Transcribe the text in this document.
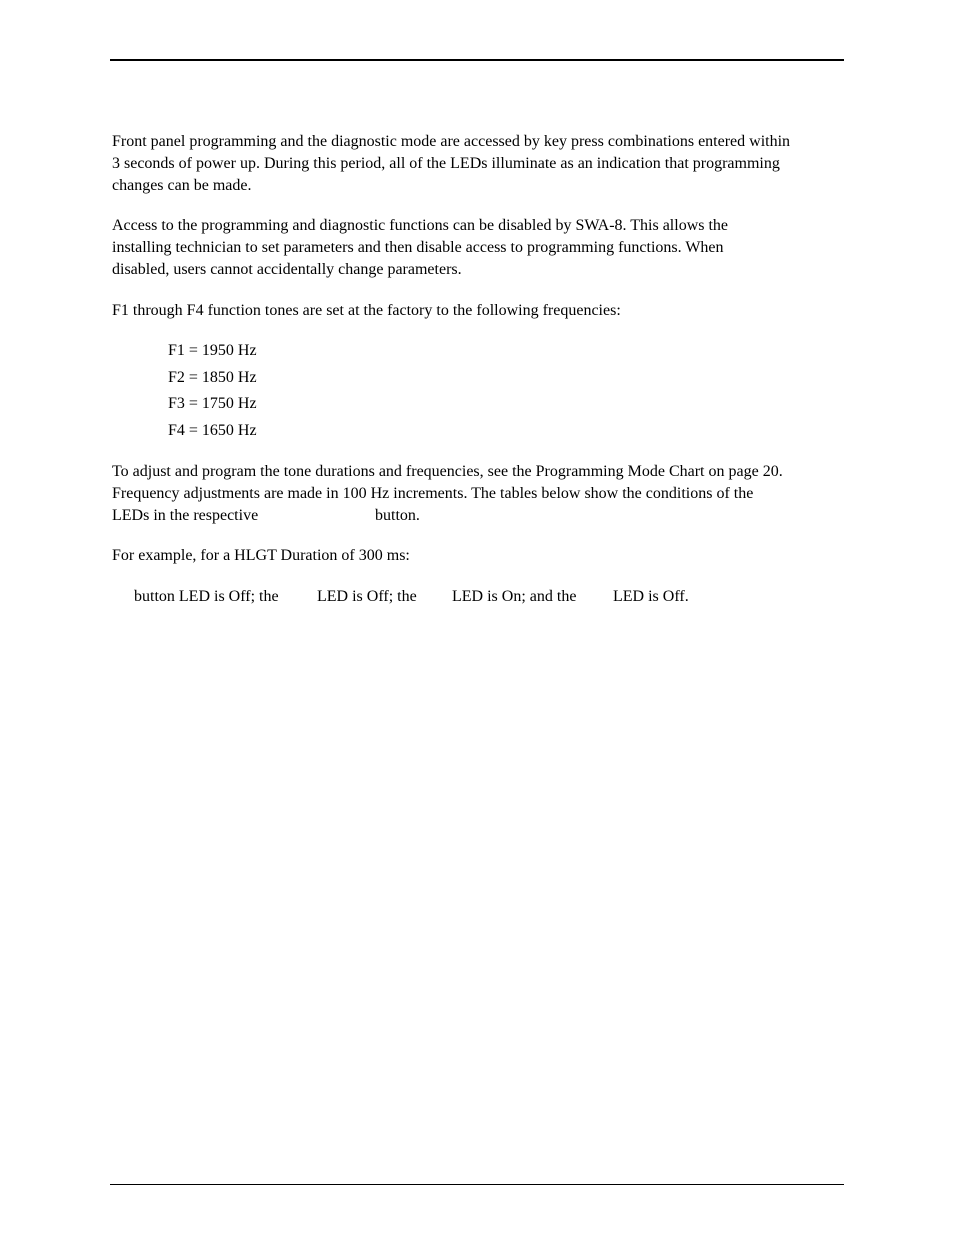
Front panel programming and the diagnostic mode are accessed by key press combinations entered within
3 seconds of power up. During this period, all of the LEDs illuminate as an indication that programming
changes can be made.

Access to the programming and diagnostic functions can be disabled by SWA-8. This allows the
installing technician to set parameters and then disable access to programming functions. When
disabled, users cannot accidentally change parameters.

F1 through F4 function tones are set at the factory to the following frequencies:

F1 = 1950 Hz
F2 = 1850 Hz
F3 = 1750 Hz
F4 = 1650 Hz

To adjust and program the tone durations and frequencies, see the Programming Mode Chart on page 20.
Frequency adjustments are made in 100 Hz increments. The tables below show the conditions of the
LEDs in the respective	button.

For example, for a HLGT Duration of 300 ms:

button LED is Off; the LED is Off; the LED is On; and the LED is Off.
